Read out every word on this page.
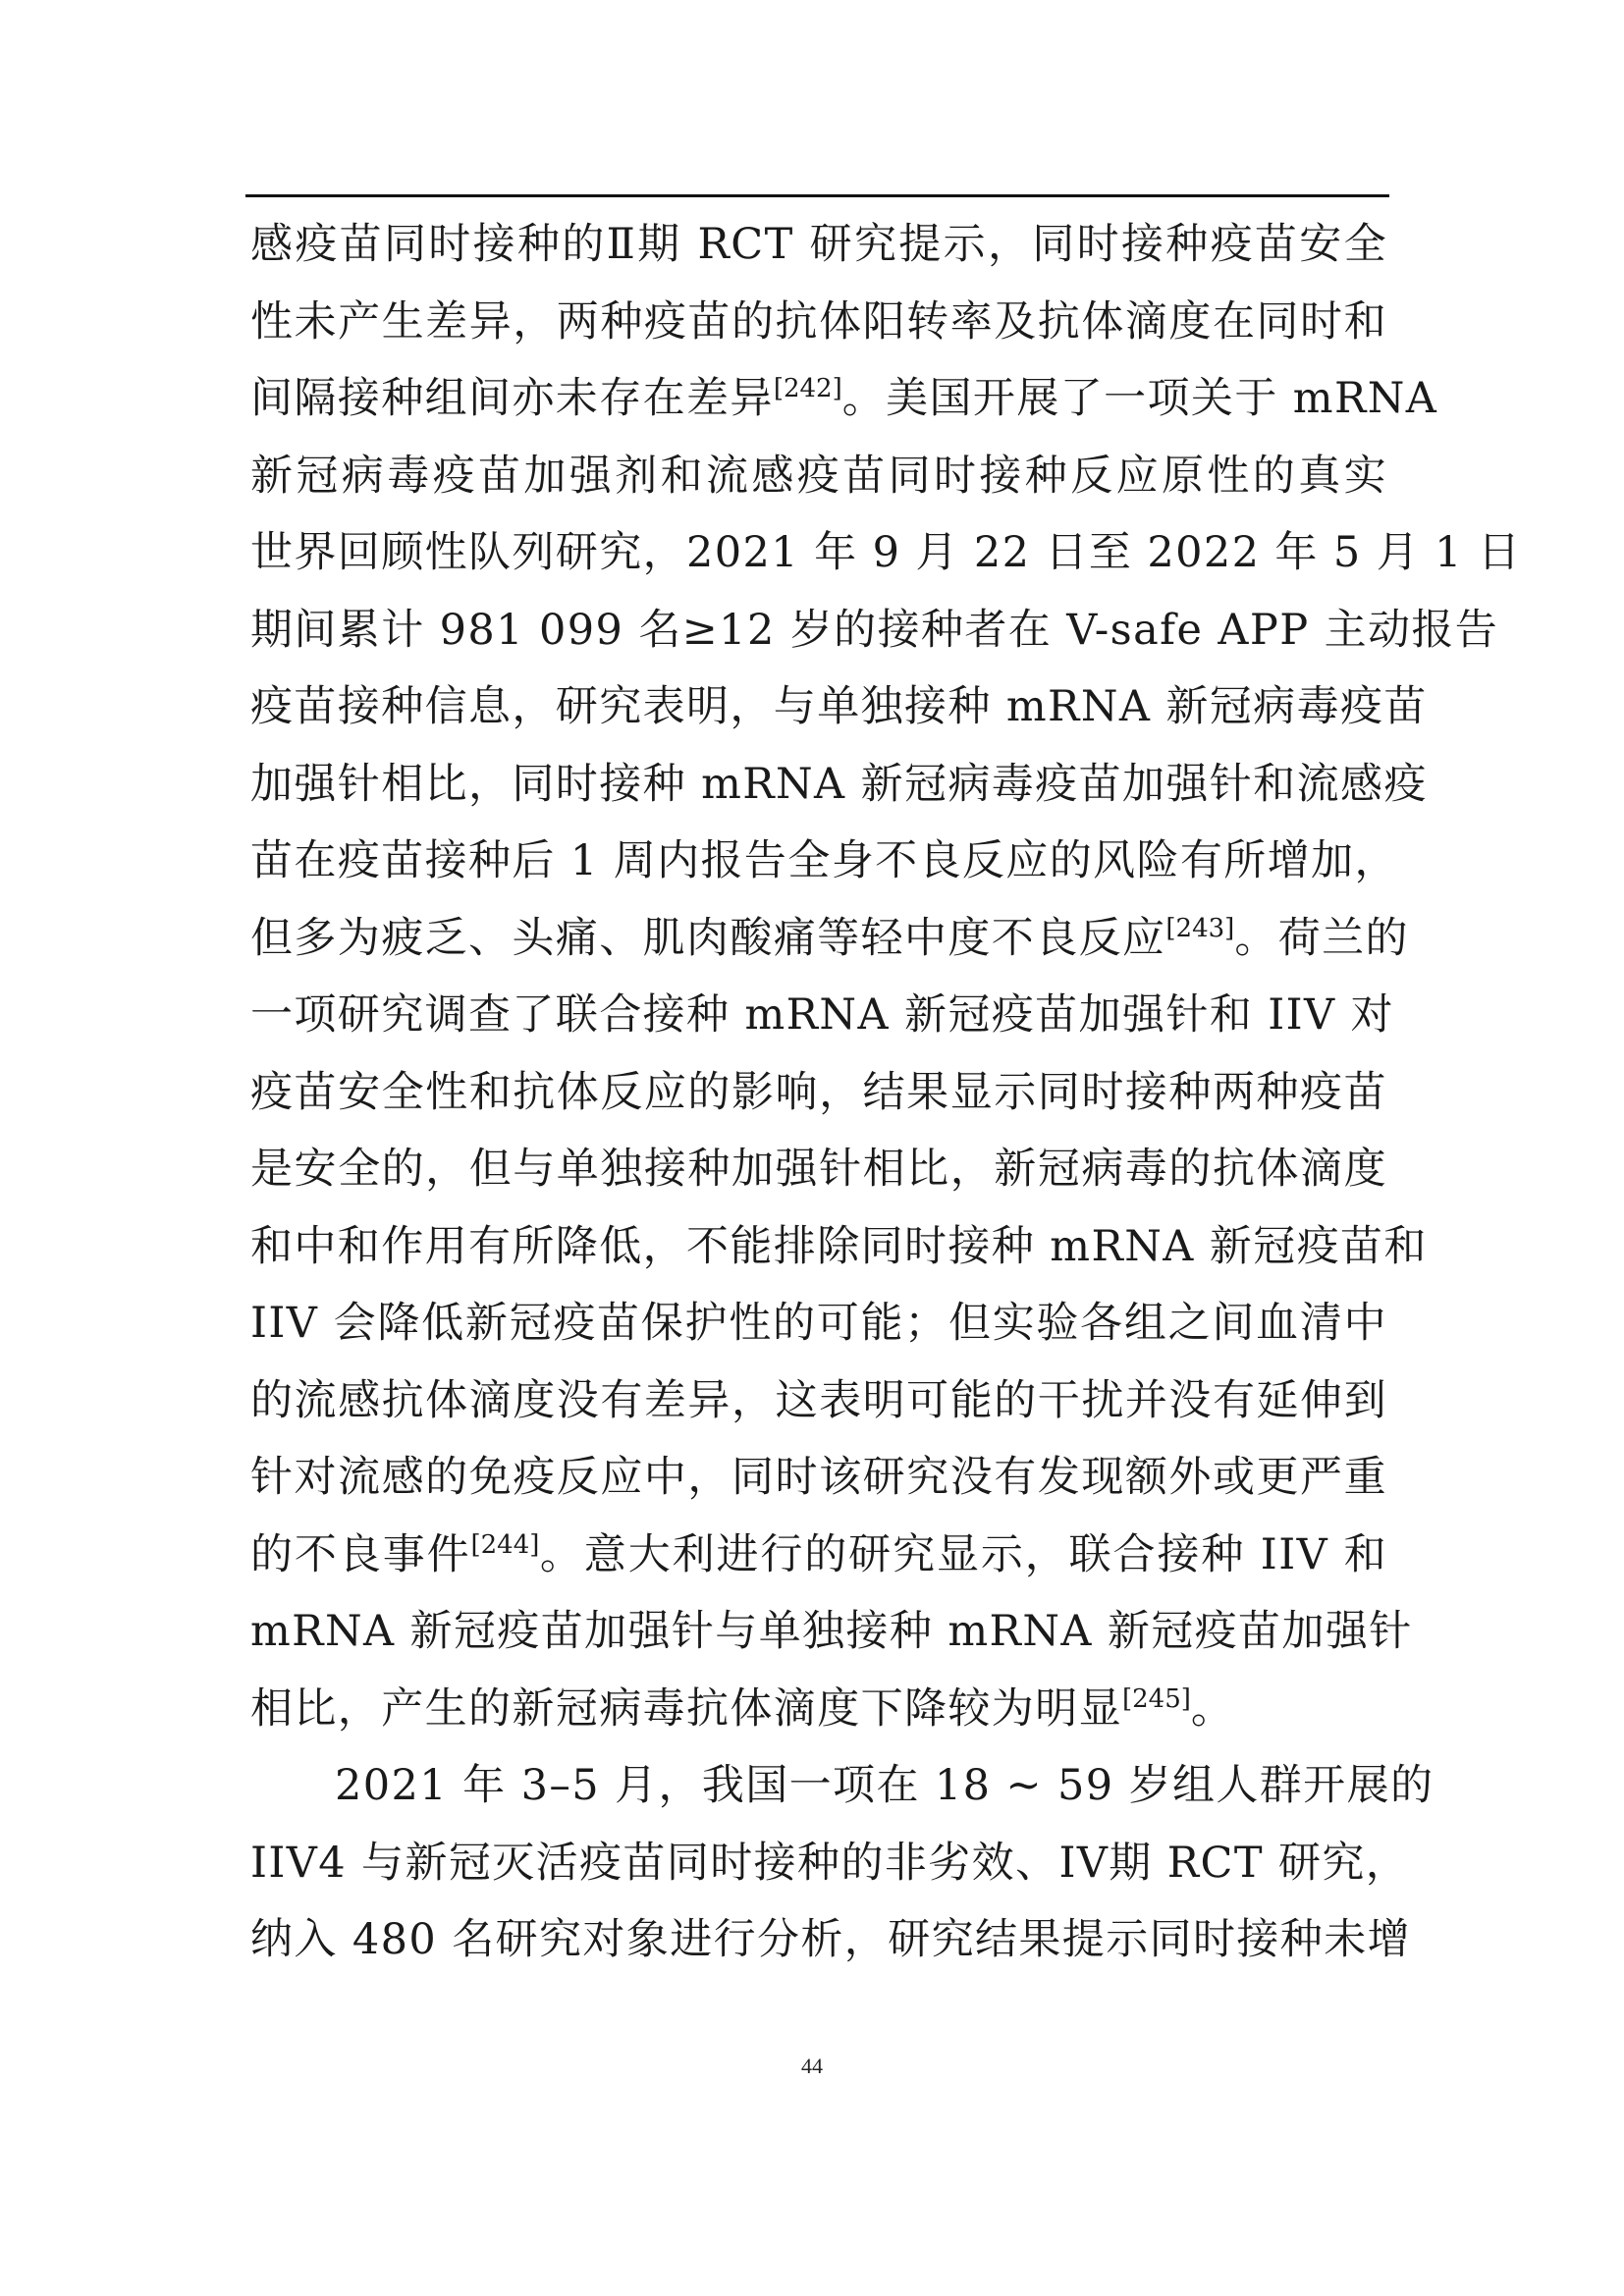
感疫苗同时接种的Ⅱ期 RCT 研究提示，同时接种疫苗安全
性未产生差异，两种疫苗的抗体阳转率及抗体滴度在同时和
间隔接种组间亦未存在差异[242]。美国开展了一项关于 mRNA
新冠病毒疫苗加强剂和流感疫苗同时接种反应原性的真实
世界回顾性队列研究，2021 年 9 月 22 日至 2022 年 5 月 1 日
期间累计 981 099 名≥12 岁的接种者在 V-safe APP 主动报告
疫苗接种信息，研究表明，与单独接种 mRNA 新冠病毒疫苗
加强针相比，同时接种 mRNA 新冠病毒疫苗加强针和流感疫
苗在疫苗接种后 1 周内报告全身不良反应的风险有所增加，
但多为疲乏、头痛、肌肉酸痛等轻中度不良反应[243]。荷兰的
一项研究调查了联合接种 mRNA 新冠疫苗加强针和 IIV 对
疫苗安全性和抗体反应的影响，结果显示同时接种两种疫苗
是安全的，但与单独接种加强针相比，新冠病毒的抗体滴度
和中和作用有所降低，不能排除同时接种 mRNA 新冠疫苗和
IIV 会降低新冠疫苗保护性的可能；但实验各组之间血清中
的流感抗体滴度没有差异，这表明可能的干扰并没有延伸到
针对流感的免疫反应中，同时该研究没有发现额外或更严重
的不良事件[244]。意大利进行的研究显示，联合接种 IIV 和
mRNA 新冠疫苗加强针与单独接种 mRNA 新冠疫苗加强针
相比，产生的新冠病毒抗体滴度下降较为明显[245]。
2021 年 3–5 月，我国一项在 18 ~ 59 岁组人群开展的
IIV4 与新冠灭活疫苗同时接种的非劣效、IV期 RCT 研究，
纳入 480 名研究对象进行分析，研究结果提示同时接种未增
44
